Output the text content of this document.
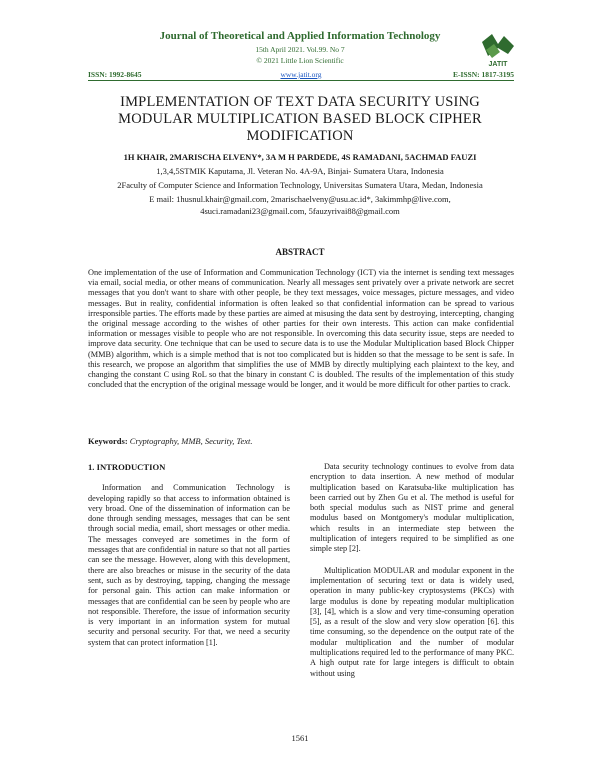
Journal of Theoretical and Applied Information Technology
15th April 2021. Vol.99. No 7
© 2021 Little Lion Scientific	JATIT
ISSN: 1992-8645	www.jatit.org	E-ISSN: 1817-3195
IMPLEMENTATION OF TEXT DATA SECURITY USING MODULAR MULTIPLICATION BASED BLOCK CIPHER MODIFICATION
1H KHAIR, 2MARISCHA ELVENY*, 3A M H PARDEDE, 4S RAMADANI, 5ACHMAD FAUZI
1,3,4,5STMIK Kaputama, Jl. Veteran No. 4A-9A, Binjai- Sumatera Utara, Indonesia
2Faculty of Computer Science and Information Technology, Universitas Sumatera Utara, Medan, Indonesia
E mail: 1husnul.khair@gmail.com, 2marischaelveny@usu.ac.id*, 3akimmhp@live.com,
4suci.ramadani23@gmail.com, 5fauzyrivai88@gmail.com
ABSTRACT
One implementation of the use of Information and Communication Technology (ICT) via the internet is sending text messages via email, social media, or other means of communication. Nearly all messages sent privately over a private network are secret messages that you don't want to share with other people, be they text messages, voice messages, picture messages, and video messages. But in reality, confidential information is often leaked so that confidential information can be spread to various irresponsible parties. The efforts made by these parties are aimed at misusing the data sent by destroying, intercepting, changing the original message according to the wishes of other parties for their own interests. This action can make confidential information or messages visible to people who are not responsible. In overcoming this data security issue, steps are needed to improve data security. One technique that can be used to secure data is to use the Modular Multiplication based Block Chipper (MMB) algorithm, which is a simple method that is not too complicated but is hidden so that the message to be sent is safe. In this research, we propose an algorithm that simplifies the use of MMB by directly multiplying each plaintext to the key, and changing the constant C using RoL so that the binary in constant C is doubled. The results of the implementation of this study concluded that the encryption of the original message would be longer, and it would be more difficult for other parties to crack.
Keywords: Cryptography, MMB, Security, Text.
1. INTRODUCTION

Information and Communication Technology is developing rapidly so that access to information obtained is very broad. One of the dissemination of information can be done through sending messages, messages that can be sent through social media, email, short messages or other media. The messages conveyed are sometimes in the form of messages that are confidential in nature so that not all parties can see the message. However, along with this development, there are also breaches or misuse in the security of the data sent, such as by destroying, tapping, changing the message for personal gain. This action can make information or messages that are confidential can be seen by people who are not responsible. Therefore, the issue of information security is very important in an information system for mutual security and personal security. For that, we need a security system that can protect information [1].

Data security technology continues to evolve from data encryption to data insertion. A new method of modular multiplication based on Karatsuba-like multiplication has been carried out by Zhen Gu et al. The method is useful for both special modulus such as NIST prime and general modulus based on Montgomery's modular multiplication, which results in an intermediate step between the multiplication of integers required to be simplified as one simple step [2].

Multiplication MODULAR and modular exponent in the implementation of securing text or data is widely used, operation in many public-key cryptosystems (PKCs) with large modulus is done by repeating modular multiplication [3], [4], which is a slow and very time-consuming operation [5], as a result of the slow and very slow operation [6]. this time consuming, so the dependence on the output rate of the modular multiplication and the number of modular multiplications required led to the performance of many PKC. A high output rate for large integers is difficult to obtain without using

1561
